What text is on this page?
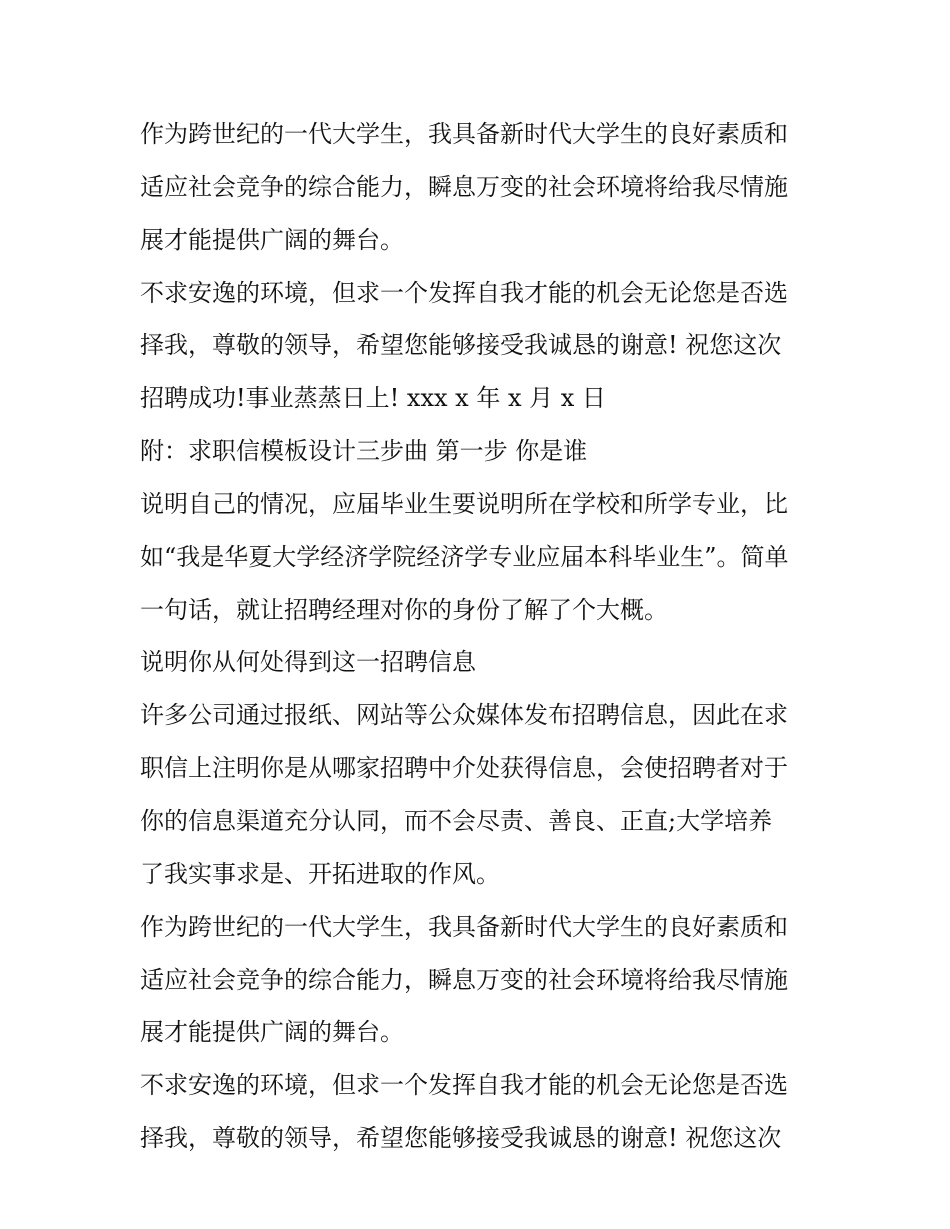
作为跨世纪的一代大学生，我具备新时代大学生的良好素质和
适应社会竞争的综合能力，瞬息万变的社会环境将给我尽情施
展才能提供广阔的舞台。
不求安逸的环境，但求一个发挥自我才能的机会无论您是否选
择我，尊敬的领导，希望您能够接受我诚恳的谢意! 祝您这次
招聘成功!事业蒸蒸日上! xxx x 年 x 月 x 日
附：求职信模板设计三步曲 第一步 你是谁
说明自己的情况，应届毕业生要说明所在学校和所学专业，比
如“我是华夏大学经济学院经济学专业应届本科毕业生”。简单
一句话，就让招聘经理对你的身份了解了个大概。
说明你从何处得到这一招聘信息
许多公司通过报纸、网站等公众媒体发布招聘信息，因此在求
职信上注明你是从哪家招聘中介处获得信息，会使招聘者对于
你的信息渠道充分认同，而不会尽责、善良、正直;大学培养
了我实事求是、开拓进取的作风。
作为跨世纪的一代大学生，我具备新时代大学生的良好素质和
适应社会竞争的综合能力，瞬息万变的社会环境将给我尽情施
展才能提供广阔的舞台。
不求安逸的环境，但求一个发挥自我才能的机会无论您是否选
择我，尊敬的领导，希望您能够接受我诚恳的谢意! 祝您这次
